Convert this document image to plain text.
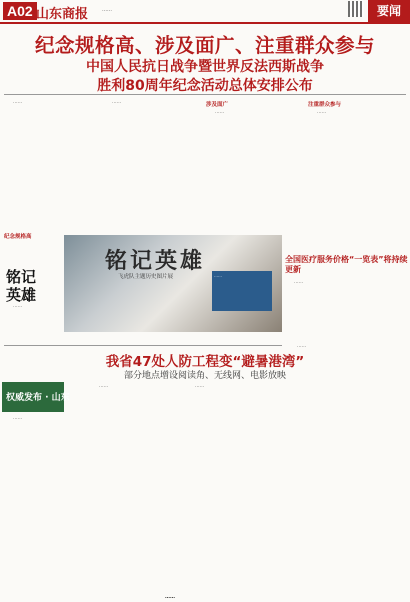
A02 山东商报	……	要闻
纪念规格高、涉及面广、注重群众参与
中国人民抗日战争暨世界反法西斯战争
胜利80周年纪念活动总体安排公布
……
纪念规格高
……	涉及面广
……
注重群众参与
……
铭记
英雄
……
铭记英雄
飞虎队主题历史图片展	……
全国医疗服务价格“一览表”将持续更新
……
我省47处人防工程变“避暑港湾”
部分地点增设阅读角、无线网、电影放映
权威发布 · 山东
……
……	……
……
……
